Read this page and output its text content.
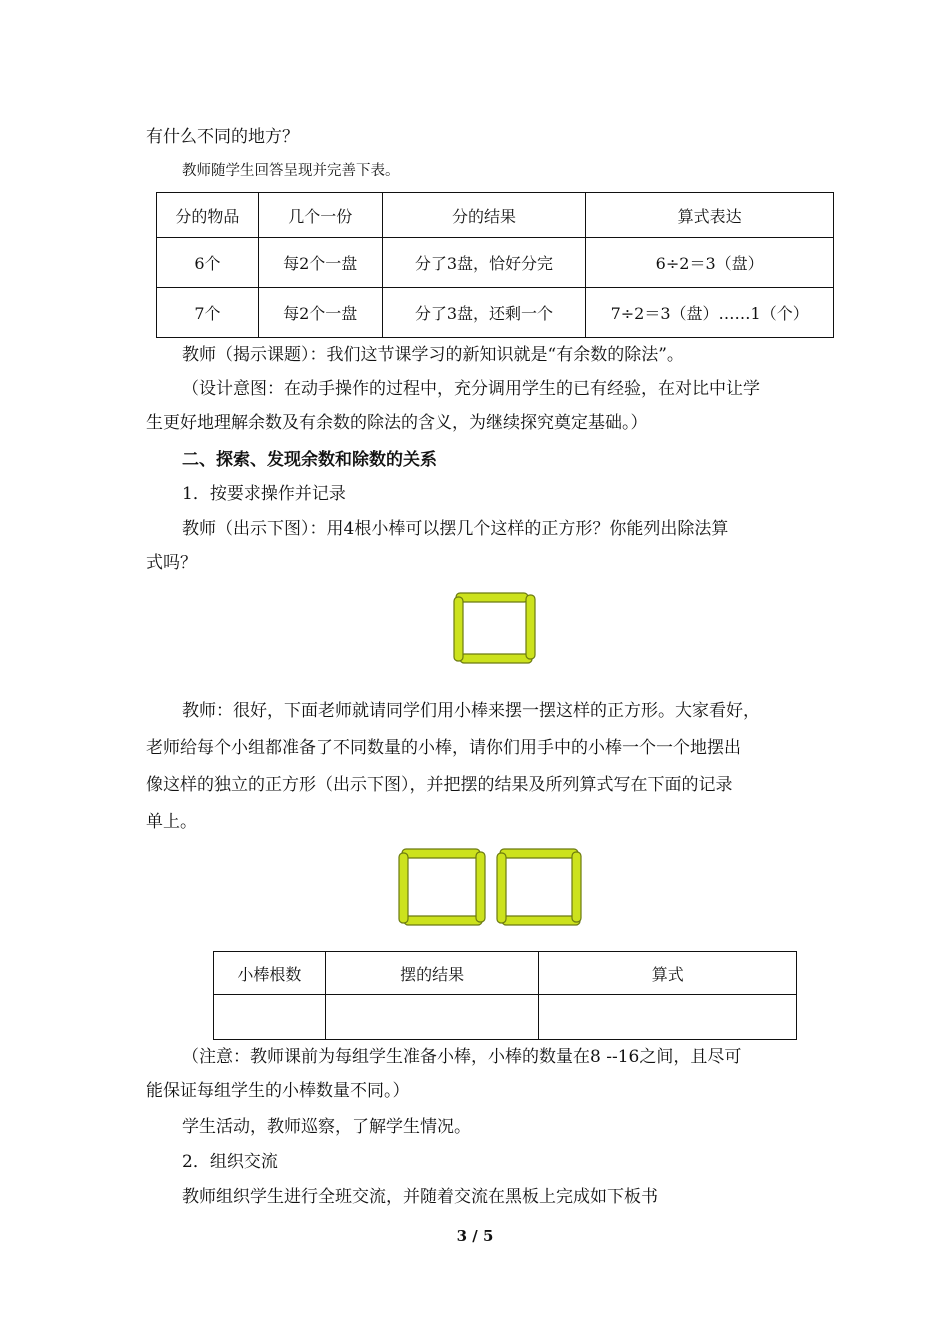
有什么不同的地方？
教师随学生回答呈现并完善下表。
分的物品	几个一份	分的结果	算式表达
6个	每2个一盘	分了3盘，恰好分完	6÷2＝3（盘）
7个	每2个一盘	分了3盘，还剩一个	7÷2＝3（盘）……1（个）
教师（揭示课题）：我们这节课学习的新知识就是“有余数的除法”。
（设计意图：在动手操作的过程中，充分调用学生的已有经验，在对比中让学
生更好地理解余数及有余数的除法的含义，为继续探究奠定基础。）
二、探索、发现余数和除数的关系
1．按要求操作并记录
教师（出示下图）：用4根小棒可以摆几个这样的正方形？你能列出除法算
式吗？
教师：很好，下面老师就请同学们用小棒来摆一摆这样的正方形。大家看好，
老师给每个小组都准备了不同数量的小棒，请你们用手中的小棒一个一个地摆出
像这样的独立的正方形（出示下图），并把摆的结果及所列算式写在下面的记录
单上。
小棒根数	摆的结果	算式

（注意：教师课前为每组学生准备小棒，小棒的数量在8 --16之间，且尽可
能保证每组学生的小棒数量不同。）
学生活动，教师巡察，了解学生情况。
2．组织交流
教师组织学生进行全班交流，并随着交流在黑板上完成如下板书
3 / 5
